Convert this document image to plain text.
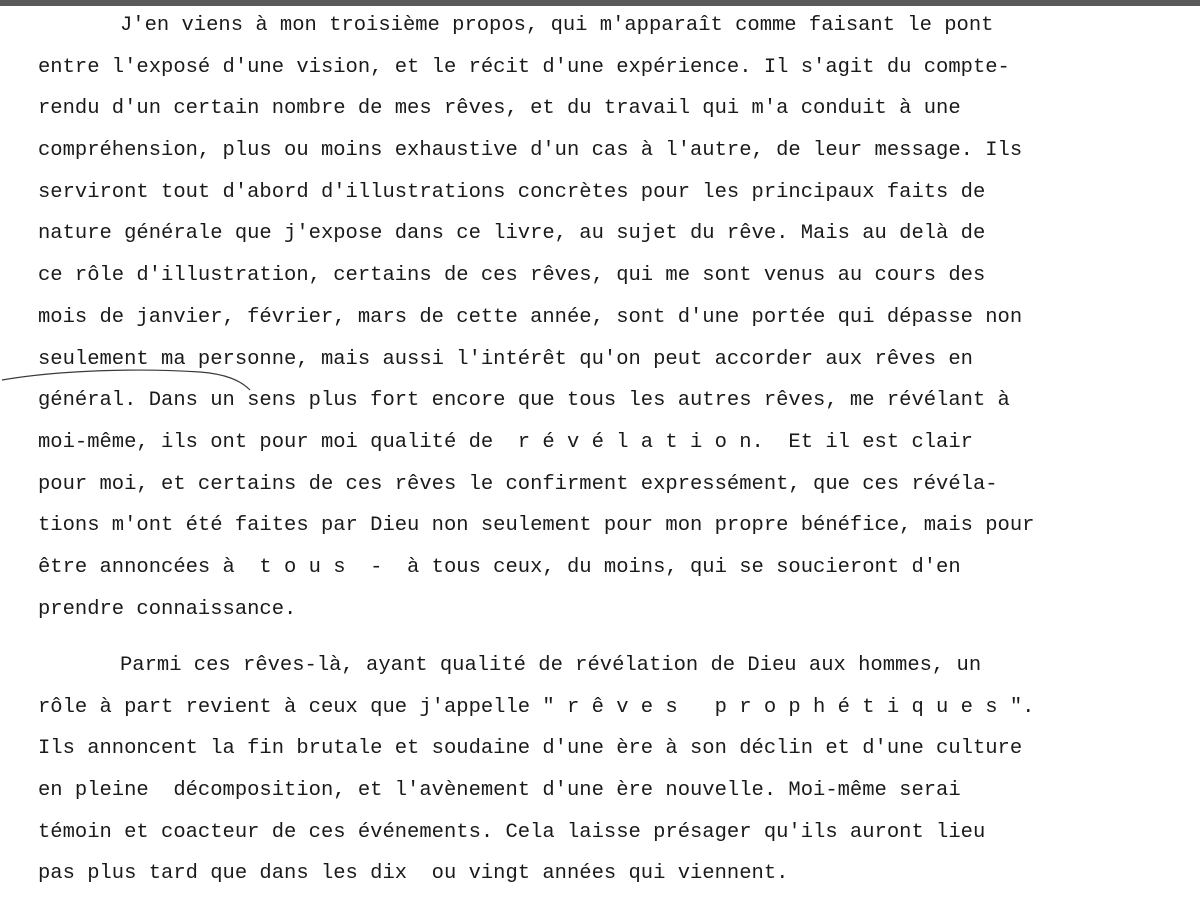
J'en viens à mon troisième propos, qui m'apparaît comme faisant le pont
entre l'exposé d'une vision, et le récit d'une expérience. Il s'agit du compte-
rendu d'un certain nombre de mes rêves, et du travail qui m'a conduit à une
compréhension, plus ou moins exhaustive d'un cas à l'autre, de leur message. Ils
serviront tout d'abord d'illustrations concrètes pour les principaux faits de
nature générale que j'expose dans ce livre, au sujet du rêve. Mais au delà de
ce rôle d'illustration, certains de ces rêves, qui me sont venus au cours des
mois de janvier, février, mars de cette année, sont d'une portée qui dépasse non
seulement ma personne, mais aussi l'intérêt qu'on peut accorder aux rêves en
général. Dans un sens plus fort encore que tous les autres rêves, me révélant à
moi-même, ils ont pour moi qualité de  r é v é l a t i o n.  Et il est clair
pour moi, et certains de ces rêves le confirment expressément, que ces révéla-
tions m'ont été faites par Dieu non seulement pour mon propre bénéfice, mais pour
être annoncées à  t o u s  -  à tous ceux, du moins, qui se soucieront d'en
prendre connaissance.
Parmi ces rêves-là, ayant qualité de révélation de Dieu aux hommes, un
rôle à part revient à ceux que j'appelle " r ê v e s   p r o p h é t i q u e s ".
Ils annoncent la fin brutale et soudaine d'une ère à son déclin et d'une culture
en pleine  décomposition, et l'avènement d'une ère nouvelle. Moi-même serai
témoin et coacteur de ces événements. Cela laisse présager qu'ils auront lieu
pas plus tard que dans les dix  ou vingt années qui viennent.
